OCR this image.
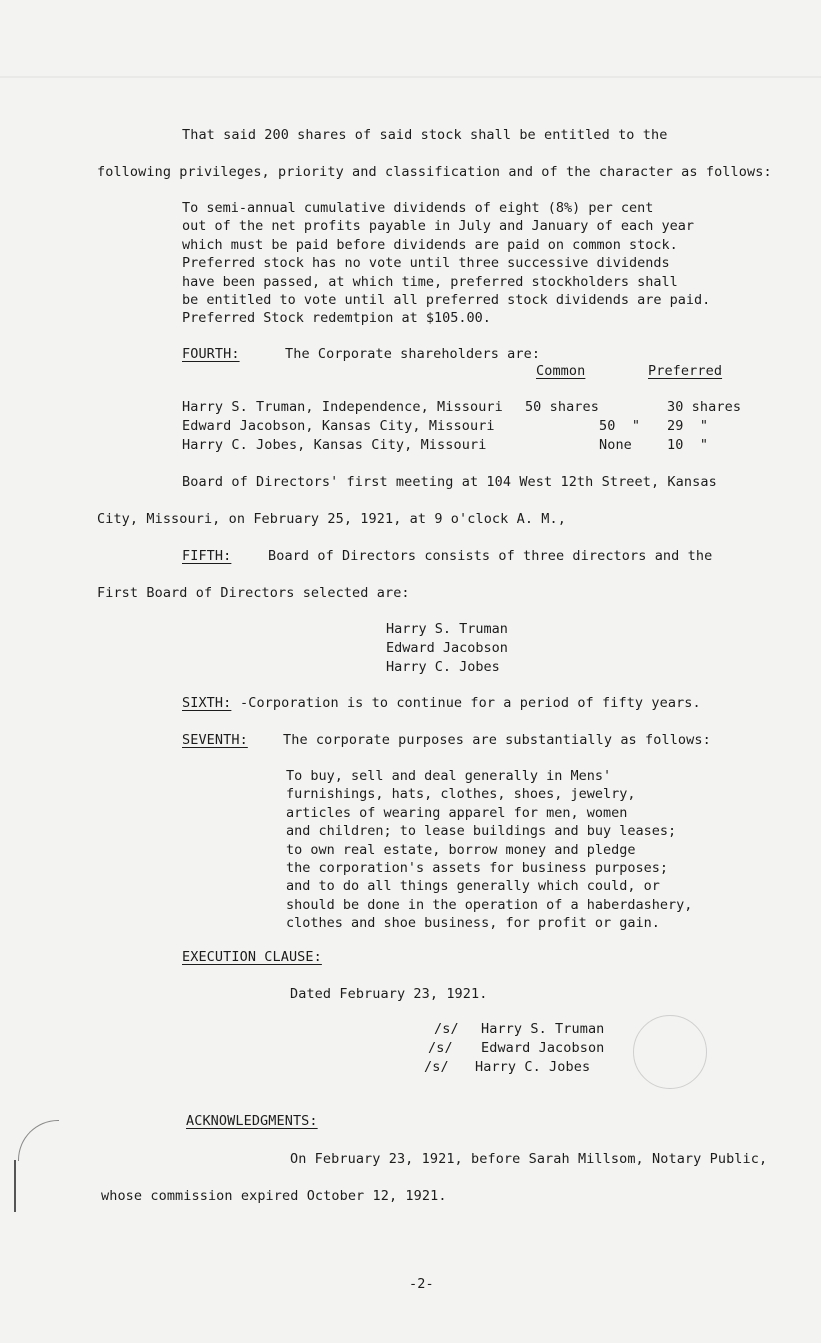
That said 200 shares of said stock shall be entitled to the
following privileges, priority and classification and of the character as follows:
To semi-annual cumulative dividends of eight (8%) per cent
out of the net profits payable in July and January of each year
which must be paid before dividends are paid on common stock.
Preferred stock has no vote until three successive dividends
have been passed, at which time, preferred stockholders shall
be entitled to vote until all preferred stock dividends are paid.
Preferred Stock redemtpion at $105.00.
FOURTH:	The Corporate shareholders are:
Common	Preferred
Harry S. Truman, Independence, Missouri 50 shares	30 shares
Edward Jacobson, Kansas City, Missouri	50  " 29  "
Harry C. Jobes, Kansas City, Missouri	None	10  "
Board of Directors' first meeting at 104 West 12th Street, Kansas
City, Missouri, on February 25, 1921, at 9 o'clock A. M.,
FIFTH:	Board of Directors consists of three directors and the
First Board of Directors selected are:
Harry S. Truman
Edward Jacobson
Harry C. Jobes
SIXTH: -Corporation is to continue for a period of fifty years.
SEVENTH:	The corporate purposes are substantially as follows:
To buy, sell and deal generally in Mens'
furnishings, hats, clothes, shoes, jewelry,
articles of wearing apparel for men, women
and children; to lease buildings and buy leases;
to own real estate, borrow money and pledge
the corporation's assets for business purposes;
and to do all things generally which could, or
should be done in the operation of a haberdashery,
clothes and shoe business, for profit or gain.
EXECUTION CLAUSE:
Dated February 23, 1921.
/s/ Harry S. Truman
/s/ Edward Jacobson
/s/ Harry C. Jobes
ACKNOWLEDGMENTS:
On February 23, 1921, before Sarah Millsom, Notary Public,
whose commission expired October 12, 1921.
-2-
